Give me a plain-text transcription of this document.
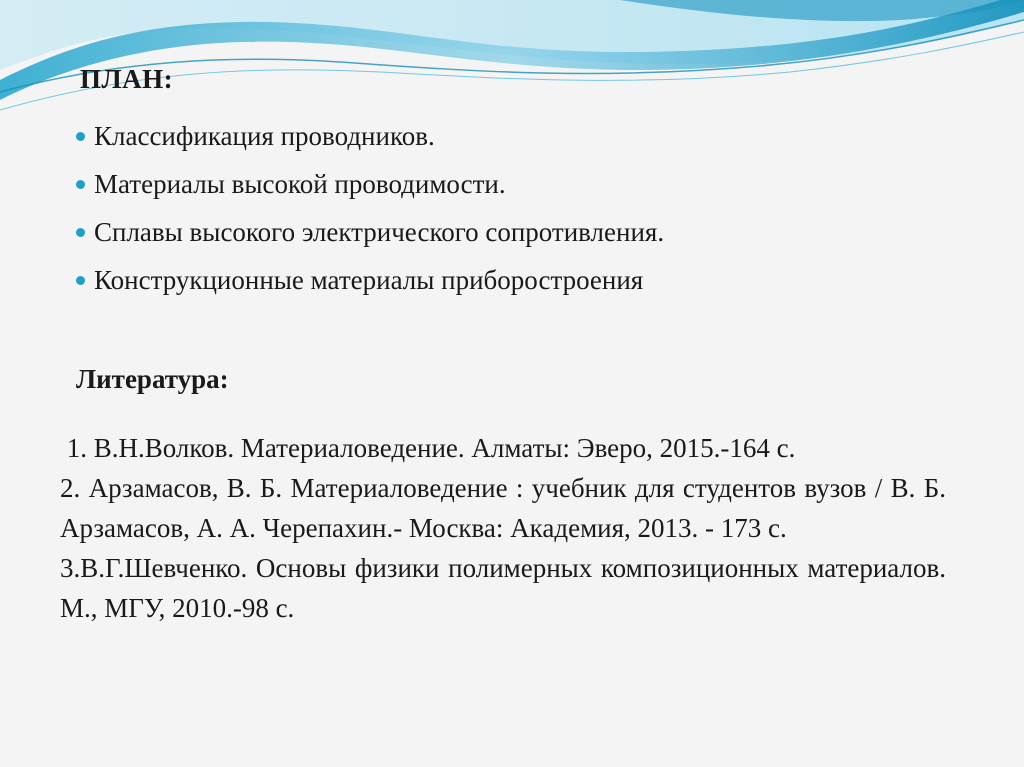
ПЛАН:
Классификация проводников.
Материалы высокой проводимости.
Сплавы высокого электрического сопротивления.
Конструкционные материалы приборостроения
Литература:

1. В.Н.Волков. Материаловедение. Алматы: Эверо, 2015.-164 с.

2. Арзамасов, В. Б. Материаловедение : учебник для студентов вузов / В. Б. Арзамасов, А. А. Черепахин.- Москва: Академия, 2013. - 173 с.

3.В.Г.Шевченко. Основы физики полимерных композиционных материалов. М., МГУ, 2010.-98 с.
